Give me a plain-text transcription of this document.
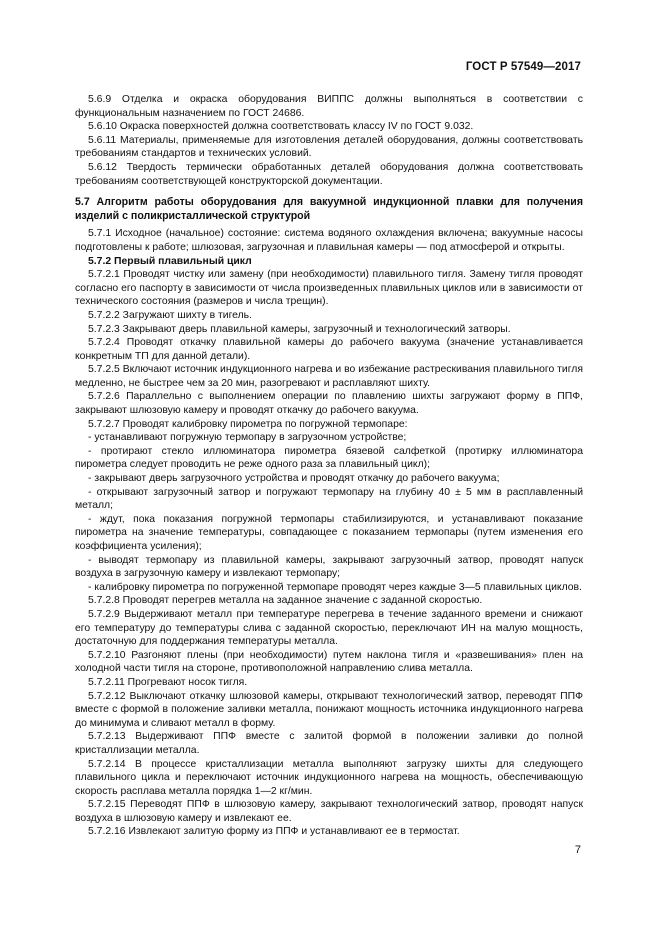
ГОСТ Р 57549—2017

5.6.9 Отделка и окраска оборудования ВИППС должны выполняться в соответствии с функциональным назначением по ГОСТ 24686.

5.6.10 Окраска поверхностей должна соответствовать классу IV по ГОСТ 9.032.

5.6.11 Материалы, применяемые для изготовления деталей оборудования, должны соответствовать требованиям стандартов и технических условий.

5.6.12 Твердость термически обработанных деталей оборудования должна соответствовать требованиям соответствующей конструкторской документации.

5.7 Алгоритм работы оборудования для вакуумной индукционной плавки для получения изделий с поликристаллической структурой

5.7.1 Исходное (начальное) состояние: система водяного охлаждения включена; вакуумные насосы подготовлены к работе; шлюзовая, загрузочная и плавильная камеры — под атмосферой и открыты.

5.7.2 Первый плавильный цикл

5.7.2.1 Проводят чистку или замену (при необходимости) плавильного тигля. Замену тигля проводят согласно его паспорту в зависимости от числа произведенных плавильных циклов или в зависимости от технического состояния (размеров и числа трещин).

5.7.2.2 Загружают шихту в тигель.

5.7.2.3 Закрывают дверь плавильной камеры, загрузочный и технологический затворы.

5.7.2.4 Проводят откачку плавильной камеры до рабочего вакуума (значение устанавливается конкретным ТП для данной детали).

5.7.2.5 Включают источник индукционного нагрева и во избежание растрескивания плавильного тигля медленно, не быстрее чем за 20 мин, разогревают и расплавляют шихту.

5.7.2.6 Параллельно с выполнением операции по плавлению шихты загружают форму в ППФ, закрывают шлюзовую камеру и проводят откачку до рабочего вакуума.

5.7.2.7 Проводят калибровку пирометра по погружной термопаре:

- устанавливают погружную термопару в загрузочном устройстве;

- протирают стекло иллюминатора пирометра бязевой салфеткой (протирку иллюминатора пирометра следует проводить не реже одного раза за плавильный цикл);

- закрывают дверь загрузочного устройства и проводят откачку до рабочего вакуума;

- открывают загрузочный затвор и погружают термопару на глубину 40 ± 5 мм в расплавленный металл;

- ждут, пока показания погружной термопары стабилизируются, и устанавливают показание пирометра на значение температуры, совпадающее с показанием термопары (путем изменения его коэффициента усиления);

- выводят термопару из плавильной камеры, закрывают загрузочный затвор, проводят напуск воздуха в загрузочную камеру и извлекают термопару;

- калибровку пирометра по погруженной термопаре проводят через каждые 3—5 плавильных циклов.

5.7.2.8 Проводят перегрев металла на заданное значение с заданной скоростью.

5.7.2.9 Выдерживают металл при температуре перегрева в течение заданного времени и снижают его температуру до температуры слива с заданной скоростью, переключают ИН на малую мощность, достаточную для поддержания температуры металла.

5.7.2.10 Разгоняют плены (при необходимости) путем наклона тигля и «развешивания» плен на холодной части тигля на стороне, противоположной направлению слива металла.

5.7.2.11 Прогревают носок тигля.

5.7.2.12 Выключают откачку шлюзовой камеры, открывают технологический затвор, переводят ППФ вместе с формой в положение заливки металла, понижают мощность источника индукционного нагрева до минимума и сливают металл в форму.

5.7.2.13 Выдерживают ППФ вместе с залитой формой в положении заливки до полной кристаллизации металла.

5.7.2.14 В процессе кристаллизации металла выполняют загрузку шихты для следующего плавильного цикла и переключают источник индукционного нагрева на мощность, обеспечивающую скорость расплава металла порядка 1—2 кг/мин.

5.7.2.15 Переводят ППФ в шлюзовую камеру, закрывают технологический затвор, проводят напуск воздуха в шлюзовую камеру и извлекают ее.

5.7.2.16 Извлекают залитую форму из ППФ и устанавливают ее в термостат.

7
